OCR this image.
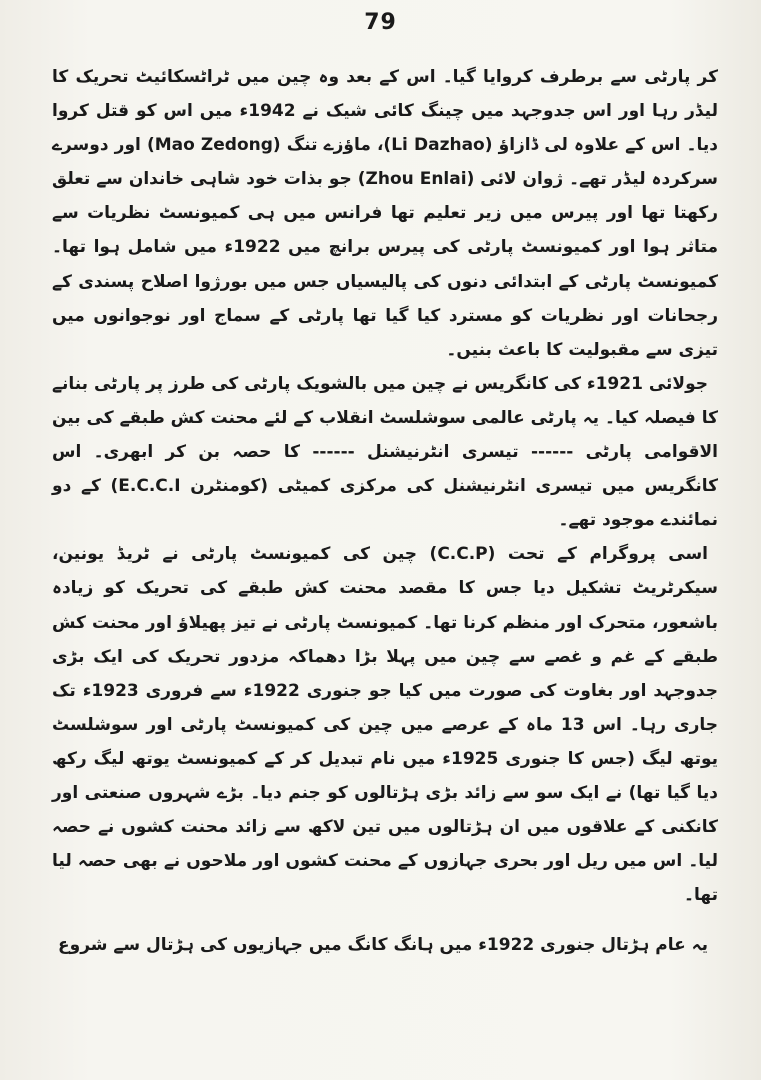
79

کر پارٹی سے برطرف کروایا گیا۔ اس کے بعد وہ چین میں ٹراٹسکائیٹ تحریک کا لیڈر رہا اور اس جدوجہد میں چینگ کائی شیک نے 1942ء میں اس کو قتل کروا دیا۔ اس کے علاوہ لی ڈازاؤ (Li Dazhao)، ماؤزے تنگ (Mao Zedong) اور دوسرے سرکردہ لیڈر تھے۔ ژوان لائی (Zhou Enlai) جو بذات خود شاہی خاندان سے تعلق رکھتا تھا اور پیرس میں زیر تعلیم تھا فرانس میں ہی کمیونسٹ نظریات سے متاثر ہوا اور کمیونسٹ پارٹی کی پیرس برانچ میں 1922ء میں شامل ہوا تھا۔ کمیونسٹ پارٹی کے ابتدائی دنوں کی پالیسیاں جس میں بورژوا اصلاح پسندی کے رجحانات اور نظریات کو مسترد کیا گیا تھا پارٹی کے سماج اور نوجوانوں میں تیزی سے مقبولیت کا باعث بنیں۔

جولائی 1921ء کی کانگریس نے چین میں بالشویک پارٹی کی طرز پر پارٹی بنانے کا فیصلہ کیا۔ یہ پارٹی عالمی سوشلسٹ انقلاب کے لئے محنت کش طبقے کی بین الاقوامی پارٹی ------ تیسری انٹرنیشنل ------ کا حصہ بن کر ابھری۔ اس کانگریس میں تیسری انٹرنیشنل کی مرکزی کمیٹی (کومنٹرن E.C.C.I) کے دو نمائندے موجود تھے۔

اسی پروگرام کے تحت (C.C.P) چین کی کمیونسٹ پارٹی نے ٹریڈ یونین، سیکرٹریٹ تشکیل دیا جس کا مقصد محنت کش طبقے کی تحریک کو زیادہ باشعور، متحرک اور منظم کرنا تھا۔ کمیونسٹ پارٹی نے تیز پھیلاؤ اور محنت کش طبقے کے غم و غصے سے چین میں پہلا بڑا دھماکہ مزدور تحریک کی ایک بڑی جدوجہد اور بغاوت کی صورت میں کیا جو جنوری 1922ء سے فروری 1923ء تک جاری رہا۔ اس 13 ماہ کے عرصے میں چین کی کمیونسٹ پارٹی اور سوشلسٹ یوتھ لیگ (جس کا جنوری 1925ء میں نام تبدیل کر کے کمیونسٹ یوتھ لیگ رکھ دیا گیا تھا) نے ایک سو سے زائد بڑی ہڑتالوں کو جنم دیا۔ بڑے شہروں صنعتی اور کانکنی کے علاقوں میں ان ہڑتالوں میں تین لاکھ سے زائد محنت کشوں نے حصہ لیا۔ اس میں ریل اور بحری جہازوں کے محنت کشوں اور ملاحوں نے بھی حصہ لیا تھا۔

یہ عام ہڑتال جنوری 1922ء میں ہانگ کانگ میں جہازیوں کی ہڑتال سے شروع
